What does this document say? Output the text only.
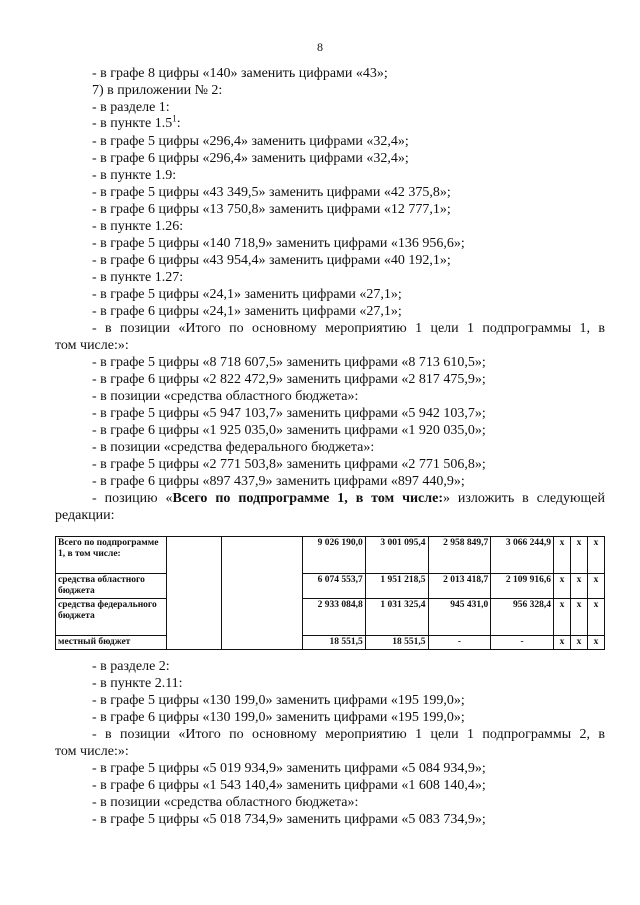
8
- в графе 8 цифры «140» заменить цифрами «43»;
7) в приложении № 2:
- в разделе 1:
- в пункте $1.5^1$:
- в графе 5 цифры «296,4» заменить цифрами «32,4»;
- в графе 6 цифры «296,4» заменить цифрами «32,4»;
- в пункте 1.9:
- в графе 5 цифры «43 349,5» заменить цифрами «42 375,8»;
- в графе 6 цифры «13 750,8» заменить цифрами «12 777,1»;
- в пункте 1.26:
- в графе 5 цифры «140 718,9» заменить цифрами «136 956,6»;
- в графе 6 цифры «43 954,4» заменить цифрами «40 192,1»;
- в пункте 1.27:
- в графе 5 цифры «24,1» заменить цифрами «27,1»;
- в графе 6 цифры «24,1» заменить цифрами «27,1»;
- в позиции «Итого по основному мероприятию 1 цели 1 подпрограммы 1, в
том числе:»:
- в графе 5 цифры «8 718 607,5» заменить цифрами «8 713 610,5»;
- в графе 6 цифры «2 822 472,9» заменить цифрами «2 817 475,9»;
- в позиции «средства областного бюджета»:
- в графе 5 цифры «5 947 103,7» заменить цифрами «5 942 103,7»;
- в графе 6 цифры «1 925 035,0» заменить цифрами «1 920 035,0»;
- в позиции «средства федерального бюджета»:
- в графе 5 цифры «2 771 503,8» заменить цифрами «2 771 506,8»;
- в графе 6 цифры «897 437,9» заменить цифрами «897 440,9»;
- позицию «Всего по подпрограмме 1, в том числе:» изложить в следующей
редакции:
Всего по подпрограмме 1, в том числе:			9 026 190,0	3 001 095,4	2 958 849,7	3 066 244,9	x	x	x
средства областного бюджета			6 074 553,7	1 951 218,5	2 013 418,7	2 109 916,6	x	x	x
средства федерального бюджета			2 933 084,8	1 031 325,4	945 431,0	956 328,4	x	x	x
местный бюджет			18 551,5	18 551,5	-	-	x	x	x
- в разделе 2:
- в пункте 2.11:
- в графе 5 цифры «130 199,0» заменить цифрами «195 199,0»;
- в графе 6 цифры «130 199,0» заменить цифрами «195 199,0»;
- в позиции «Итого по основному мероприятию 1 цели 1 подпрограммы 2, в
том числе:»:
- в графе 5 цифры «5 019 934,9» заменить цифрами «5 084 934,9»;
- в графе 6 цифры «1 543 140,4» заменить цифрами «1 608 140,4»;
- в позиции «средства областного бюджета»:
- в графе 5 цифры «5 018 734,9» заменить цифрами «5 083 734,9»;
